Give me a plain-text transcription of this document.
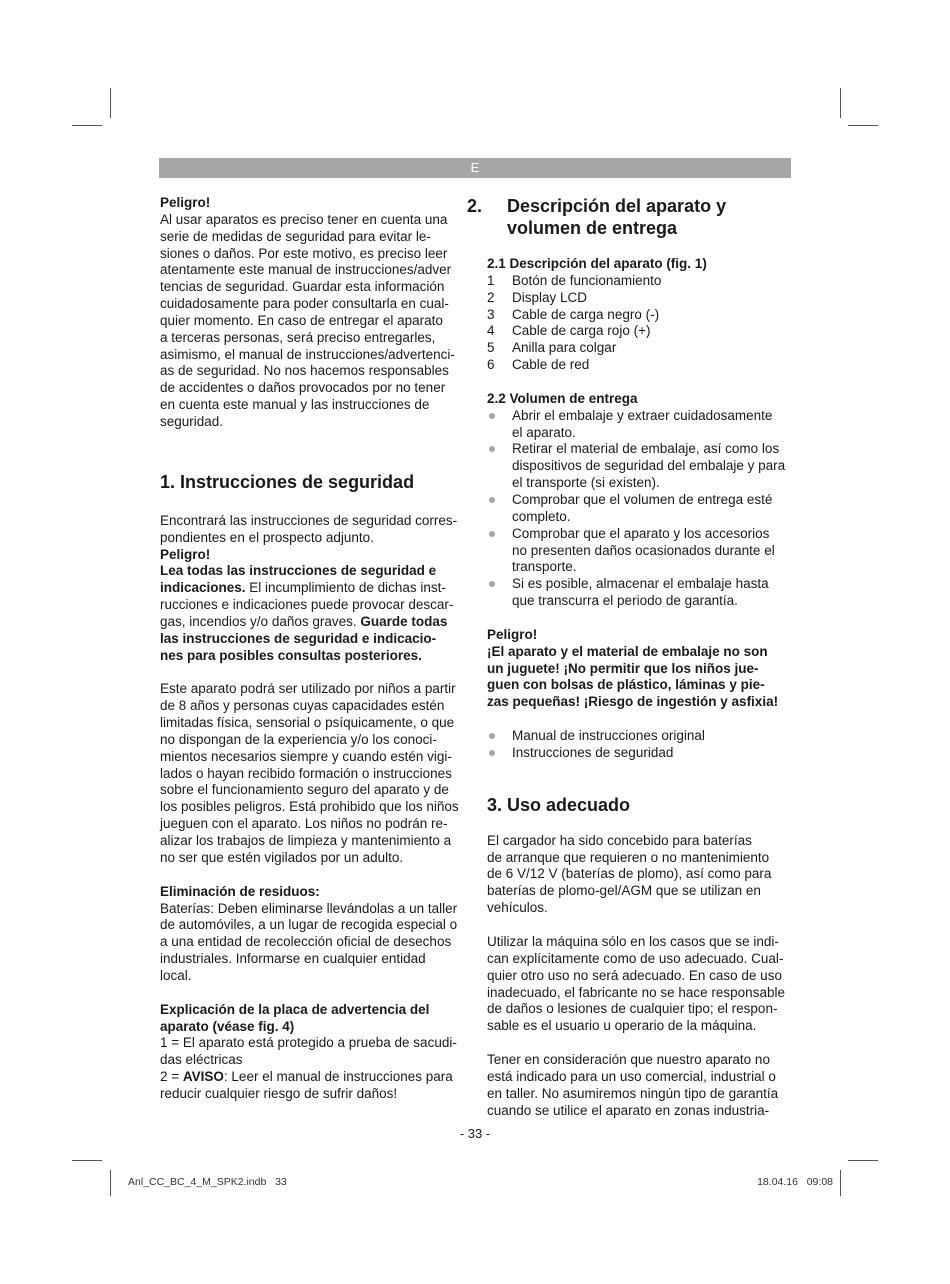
E

Peligro!

Al usar aparatos es preciso tener en cuenta una
serie de medidas de seguridad para evitar le-
siones o daños. Por este motivo, es preciso leer
atentamente este manual de instrucciones/adver
tencias de seguridad. Guardar esta información
cuidadosamente para poder consultarla en cual-
quier momento. En caso de entregar el aparato
a terceras personas, será preciso entregarles,
asimismo, el manual de instrucciones/advertenci-
as de seguridad. No nos hacemos responsables
de accidentes o daños provocados por no tener
en cuenta este manual y las instrucciones de
seguridad.

1. Instrucciones de seguridad

Encontrará las instrucciones de seguridad corres-
pondientes en el prospecto adjunto.

Peligro!

Lea todas las instrucciones de seguridad e
indicaciones. El incumplimiento de dichas inst-
rucciones e indicaciones puede provocar descar-
gas, incendios y/o daños graves. Guarde todas
las instrucciones de seguridad e indicacio-
nes para posibles consultas posteriores.

Este aparato podrá ser utilizado por niños a partir
de 8 años y personas cuyas capacidades estén
limitadas física, sensorial o psíquicamente, o que
no dispongan de la experiencia y/o los conoci-
mientos necesarios siempre y cuando estén vigi-
lados o hayan recibido formación o instrucciones
sobre el funcionamiento seguro del aparato y de
los posibles peligros. Está prohibido que los niños
jueguen con el aparato. Los niños no podrán re-
alizar los trabajos de limpieza y mantenimiento a
no ser que estén vigilados por un adulto.

Eliminación de residuos:

Baterías: Deben eliminarse llevándolas a un taller
de automóviles, a un lugar de recogida especial o
a una entidad de recolección oficial de desechos
industriales. Informarse en cualquier entidad
local.

Explicación de la placa de advertencia del
aparato (véase fig. 4)

1 = El aparato está protegido a prueba de sacudi-
das eléctricas

2 = AVISO: Leer el manual de instrucciones para
reducir cualquier riesgo de sufrir daños!

2. Descripción del aparato y
volumen de entrega

2.1 Descripción del aparato (fig. 1)

1	Botón de funcionamiento
2	Display LCD
3	Cable de carga negro (-)
4	Cable de carga rojo (+)
5	Anilla para colgar
6	Cable de red

2.2 Volumen de entrega

Abrir el embalaje y extraer cuidadosamente
el aparato.
Retirar el material de embalaje, así como los
dispositivos de seguridad del embalaje y para
el transporte (si existen).
Comprobar que el volumen de entrega esté
completo.
Comprobar que el aparato y los accesorios
no presenten daños ocasionados durante el
transporte.
Si es posible, almacenar el embalaje hasta
que transcurra el periodo de garantía.

Peligro!

¡El aparato y el material de embalaje no son
un juguete! ¡No permitir que los niños jue-
guen con bolsas de plástico, láminas y pie-
zas pequeñas! ¡Riesgo de ingestión y asfixia!

Manual de instrucciones original
Instrucciones de seguridad
3. Uso adecuado

El cargador ha sido concebido para baterías
de arranque que requieren o no mantenimiento
de 6 V/12 V (baterías de plomo), así como para
baterías de plomo-gel/AGM que se utilizan en
vehículos.

Utilizar la máquina sólo en los casos que se indi-
can explícitamente como de uso adecuado. Cual-
quier otro uso no será adecuado. En caso de uso
inadecuado, el fabricante no se hace responsable
de daños o lesiones de cualquier tipo; el respon-
sable es el usuario u operario de la máquina.

Tener en consideración que nuestro aparato no
está indicado para un uso comercial, industrial o
en taller. No asumiremos ningún tipo de garantía
cuando se utilice el aparato en zonas industria-

- 33 -
Anl_CC_BC_4_M_SPK2.indb   33	18.04.16   09:08
